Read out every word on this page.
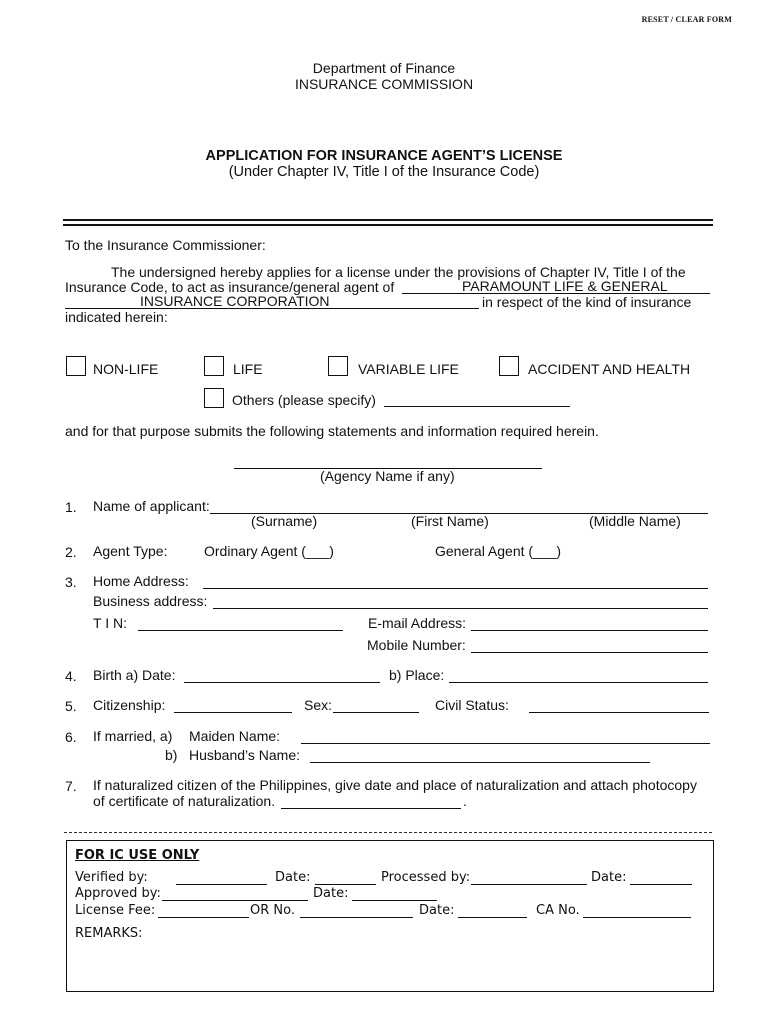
RESET / CLEAR FORM
Department of Finance
INSURANCE COMMISSION
APPLICATION FOR INSURANCE AGENT’S LICENSE
(Under Chapter IV, Title I of the Insurance Code)
To the Insurance Commissioner:
The undersigned hereby applies for a license under the provisions of Chapter IV, Title I of the
Insurance Code, to act as insurance/general agent of	PARAMOUNT LIFE & GENERAL
INSURANCE CORPORATION	in respect of the kind of insurance
indicated herein:
NON-LIFE	LIFE	VARIABLE LIFE	ACCIDENT AND HEALTH
Others (please specify)
and for that purpose submits the following statements and information required herein.
(Agency Name if any)
1. Name of applicant:
(Surname)	(First Name)	(Middle Name)
2. Agent Type:	Ordinary Agent (___)	General Agent (___)
3. Home Address:
Business address:
T I N:	E-mail Address:
Mobile Number:
4. Birth a) Date:	b) Place:
5. Citizenship:	Sex:	Civil Status:
6. If married, a) Maiden Name:
b) Husband’s Name:
7. If naturalized citizen of the Philippines, give date and place of naturalization and attach photocopy
of certificate of naturalization.	.
FOR IC USE ONLY
Verified by:	Date:	Processed by:	Date:
Approved by:	Date:
License Fee:	OR No.	Date:	CA No.
REMARKS:
